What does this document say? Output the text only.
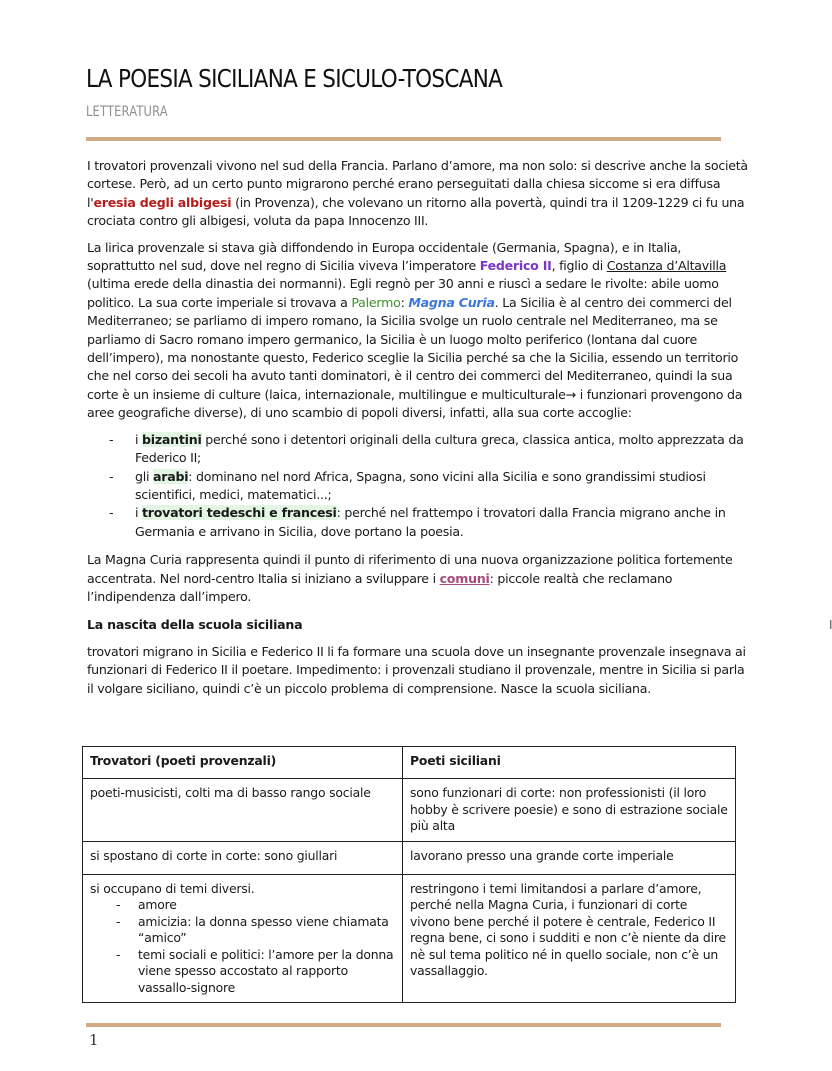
LA POESIA SICILIANA E SICULO-TOSCANA
LETTERATURA

I trovatori provenzali vivono nel sud della Francia. Parlano d’amore, ma non solo: si descrive anche la società cortese. Però, ad un certo punto migrarono perché erano perseguitati dalla chiesa siccome si era diffusa l'eresia degli albigesi (in Provenza), che volevano un ritorno alla povertà, quindi tra il 1209-1229 ci fu una crociata contro gli albigesi, voluta da papa Innocenzo III.

La lirica provenzale si stava già diffondendo in Europa occidentale (Germania, Spagna), e in Italia, soprattutto nel sud, dove nel regno di Sicilia viveva l’imperatore Federico II, figlio di Costanza d’Altavilla (ultima erede della dinastia dei normanni). Egli regnò per 30 anni e riuscì a sedare le rivolte: abile uomo politico. La sua corte imperiale si trovava a Palermo: Magna Curia. La Sicilia è al centro dei commerci del Mediterraneo; se parliamo di impero romano, la Sicilia svolge un ruolo centrale nel Mediterraneo, ma se parliamo di Sacro romano impero germanico, la Sicilia è un luogo molto periferico (lontana dal cuore dell’impero), ma nonostante questo, Federico sceglie la Sicilia perché sa che la Sicilia, essendo un territorio che nel corso dei secoli ha avuto tanti dominatori, è il centro dei commerci del Mediterraneo, quindi la sua corte è un insieme di culture (laica, internazionale, multilingue e multiculturale→ i funzionari provengono da aree geografiche diverse), di uno scambio di popoli diversi, infatti, alla sua corte accoglie:

- i bizantini perché sono i detentori originali della cultura greca, classica antica, molto apprezzata da Federico II;
- gli arabi: dominano nel nord Africa, Spagna, sono vicini alla Sicilia e sono grandissimi studiosi scientifici, medici, matematici...;
- i trovatori tedeschi e francesi: perché nel frattempo i trovatori dalla Francia migrano anche in Germania e arrivano in Sicilia, dove portano la poesia.

La Magna Curia rappresenta quindi il punto di riferimento di una nuova organizzazione politica fortemente accentrata. Nel nord-centro Italia si iniziano a sviluppare i comuni: piccole realtà che reclamano l’indipendenza dall’impero.

La nascita della scuola siciliana	I

trovatori migrano in Sicilia e Federico II li fa formare una scuola dove un insegnante provenzale insegnava ai funzionari di Federico II il poetare. Impedimento: i provenzali studiano il provenzale, mentre in Sicilia si parla il volgare siciliano, quindi c’è un piccolo problema di comprensione. Nasce la scuola siciliana.

Trovatori (poeti provenzali)	Poeti siciliani
poeti-musicisti, colti ma di basso rango sociale	sono funzionari di corte: non professionisti (il loro hobby è scrivere poesie) e sono di estrazione sociale più alta
si spostano di corte in corte: sono giullari	lavorano presso una grande corte imperiale

si occupano di temi diversi.
- amore
- amicizia: la donna spesso viene chiamata “amico”
- temi sociali e politici: l’amore per la donna viene spesso accostato al rapporto vassallo-signore
	restringono i temi limitandosi a parlare d’amore, perché nella Magna Curia, i funzionari di corte vivono bene perché il potere è centrale, Federico II regna bene, ci sono i sudditi e non c’è niente da dire nè sul tema politico né in quello sociale, non c’è un vassallaggio.
1
